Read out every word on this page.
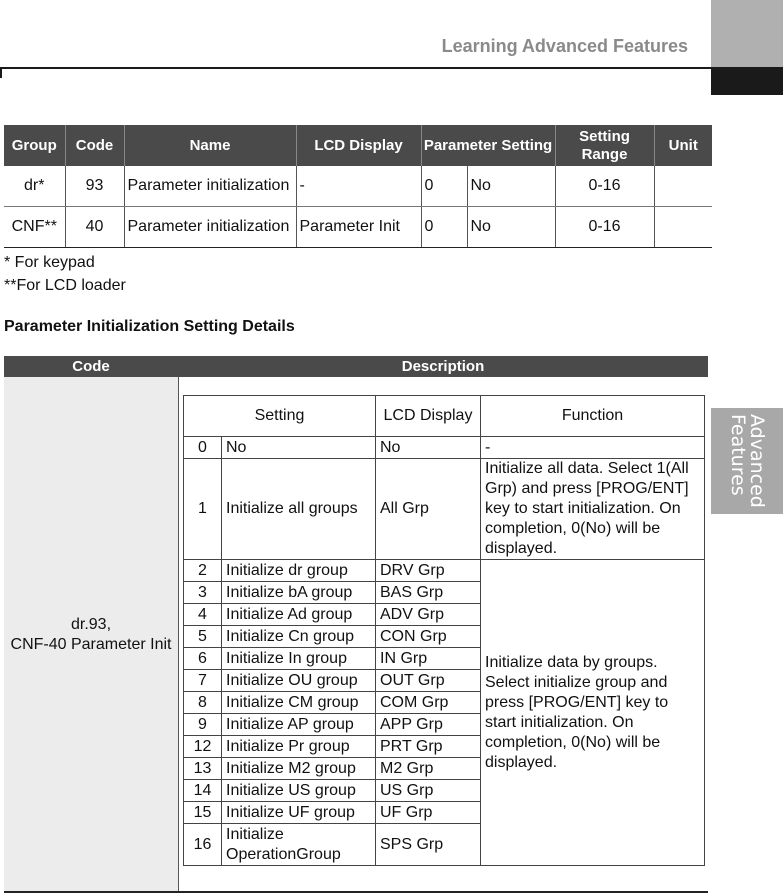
Learning Advanced Features
Advanced
Features
Group	Code	Name	LCD Display	Parameter Setting		Setting Range	Unit
dr*	93	Parameter initialization	-	0	No	0-16	
CNF**	40	Parameter initialization	Parameter Init	0	No	0-16	
* For keypad
**For LCD loader
Parameter Initialization Setting Details
Code	Description
dr.93,
CNF-40 Parameter Init
Setting		LCD Display	Function
0	No	No	-
1	Initialize all groups	All Grp	Initialize all data. Select 1(All Grp) and press [PROG/ENT] key to start initialization. On completion, 0(No) will be displayed.
2	Initialize dr group	DRV Grp	Initialize data by groups. Select initialize group and press [PROG/ENT] key to start initialization. On completion, 0(No) will be displayed.
3	Initialize bA group	BAS Grp	
4	Initialize Ad group	ADV Grp	
5	Initialize Cn group	CON Grp	
6	Initialize In group	IN Grp	
7	Initialize OU group	OUT Grp	
8	Initialize CM group	COM Grp	
9	Initialize AP group	APP Grp	
12	Initialize Pr group	PRT Grp	
13	Initialize M2 group	M2 Grp	
14	Initialize US group	US Grp	
15	Initialize UF group	UF Grp	
16	Initialize OperationGroup	SPS Grp	
